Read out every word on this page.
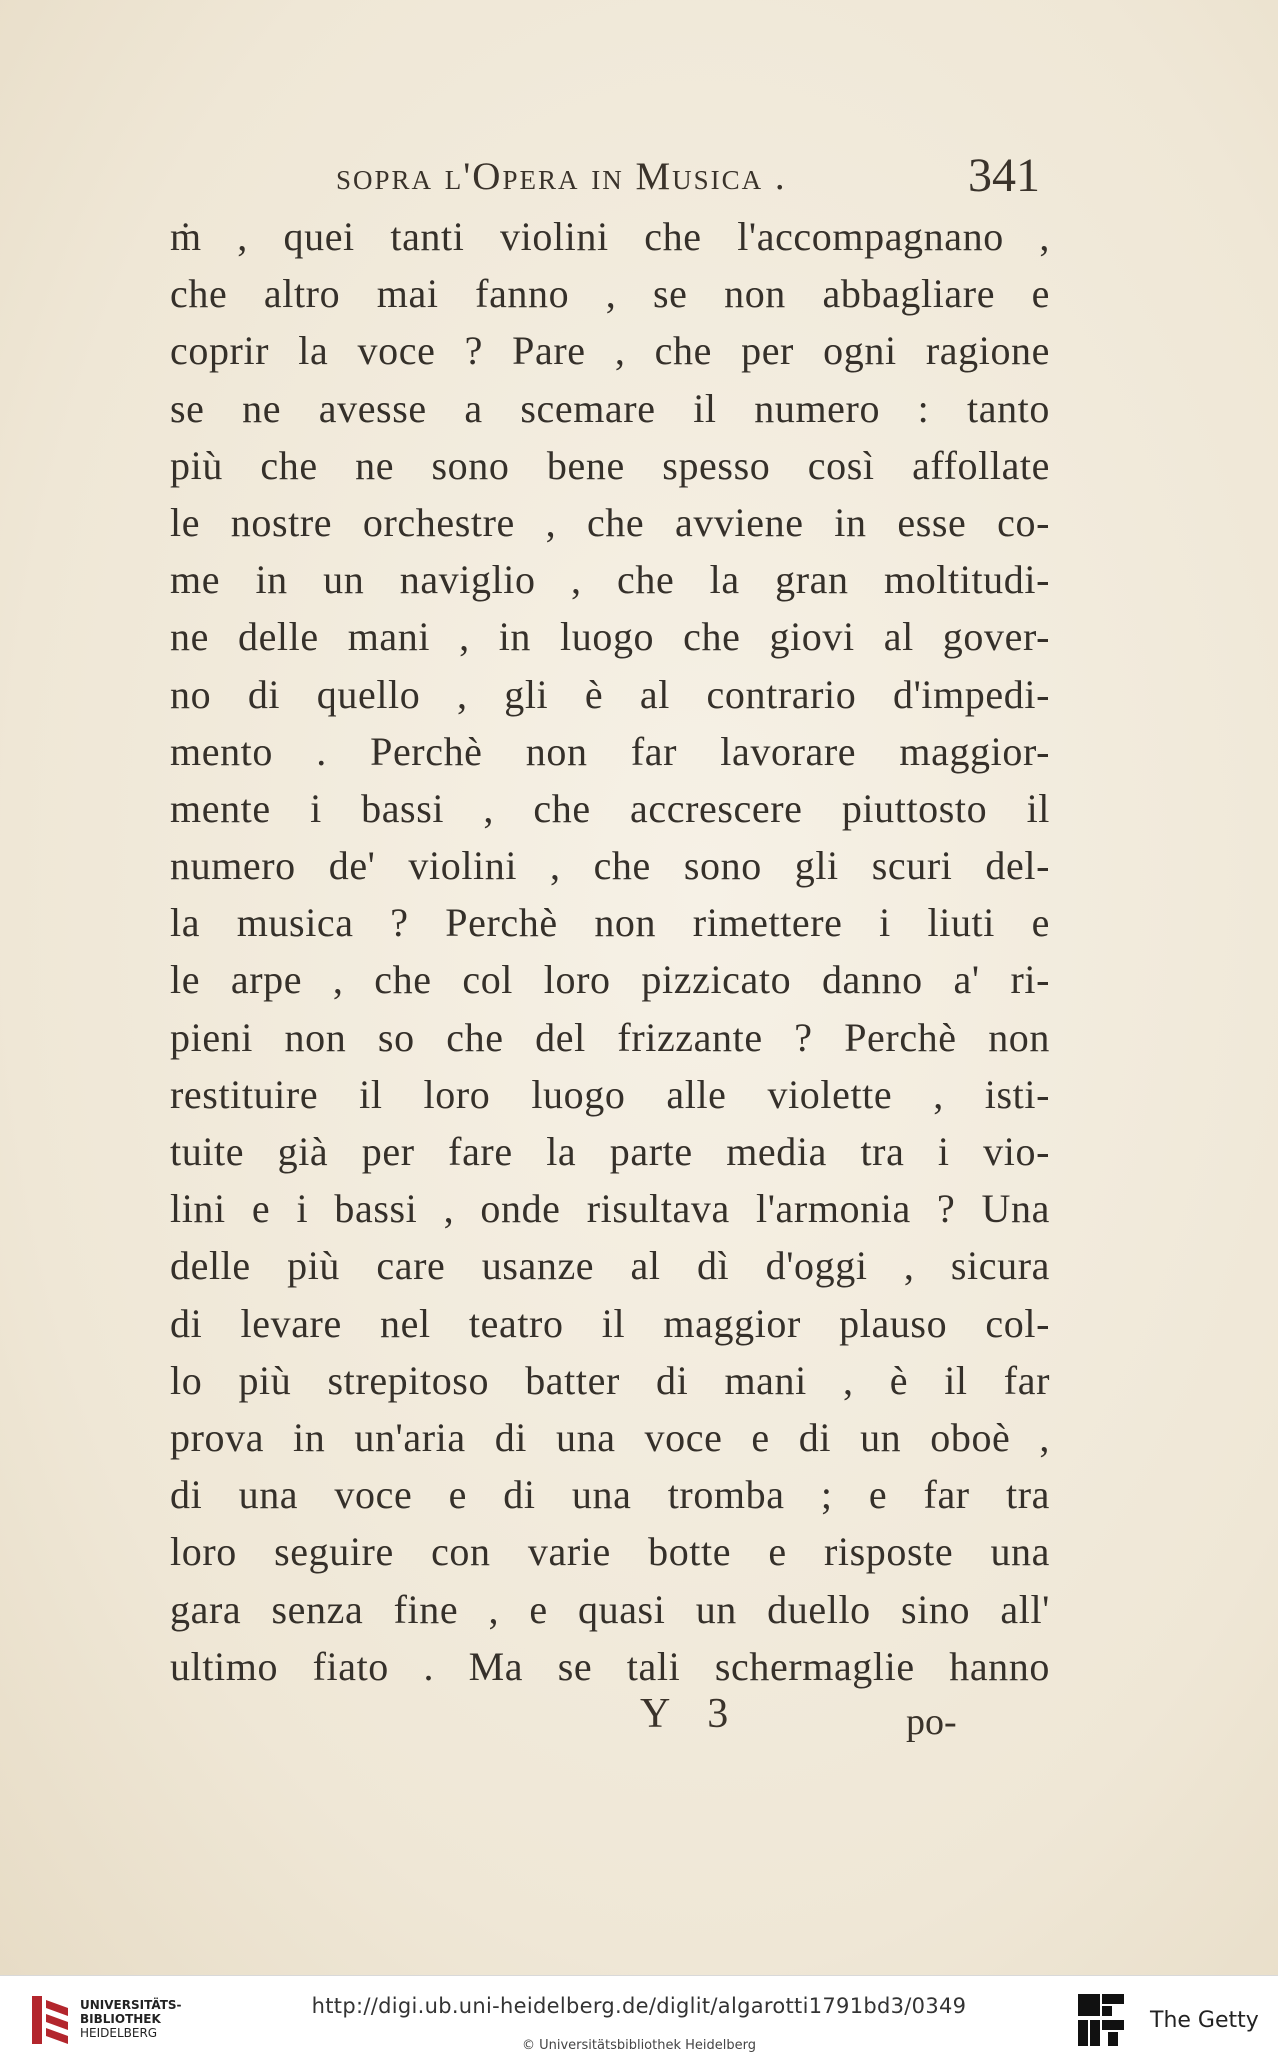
sopra l'Opera in Musica .	341
ṁ , quei tanti violini che l'accompagnano ,
che altro mai fanno , se non abbagliare e
coprir la voce ? Pare , che per ogni ragione
se ne avesse a scemare il numero : tanto
più che ne sono bene spesso così affollate
le nostre orchestre , che avviene in esse co-
me in un naviglio , che la gran moltitudi-
ne delle mani , in luogo che giovi al gover-
no di quello , gli è al contrario d'impedi-
mento . Perchè non far lavorare maggior-
mente i bassi , che accrescere piuttosto il
numero de' violini , che sono gli scuri del-
la musica ? Perchè non rimettere i liuti e
le arpe , che col loro pizzicato danno a' ri-
pieni non so che del frizzante ? Perchè non
restituire il loro luogo alle violette , isti-
tuite già per fare la parte media tra i vio-
lini e i bassi , onde risultava l'armonia ? Una
delle più care usanze al dì d'oggi , sicura
di levare nel teatro il maggior plauso col-
lo più strepitoso batter di mani , è il far
prova in un'aria di una voce e di un oboè ,
di una voce e di una tromba ; e far tra
loro seguire con varie botte e risposte una
gara senza fine , e quasi un duello sino all'
ultimo fiato . Ma se tali schermaglie hanno
Y 3	po-
UNIVERSITÄTS-
BIBLIOTHEK
HEIDELBERG
http://digi.ub.uni-heidelberg.de/diglit/algarotti1791bd3/0349
© Universitätsbibliothek Heidelberg
The Getty
